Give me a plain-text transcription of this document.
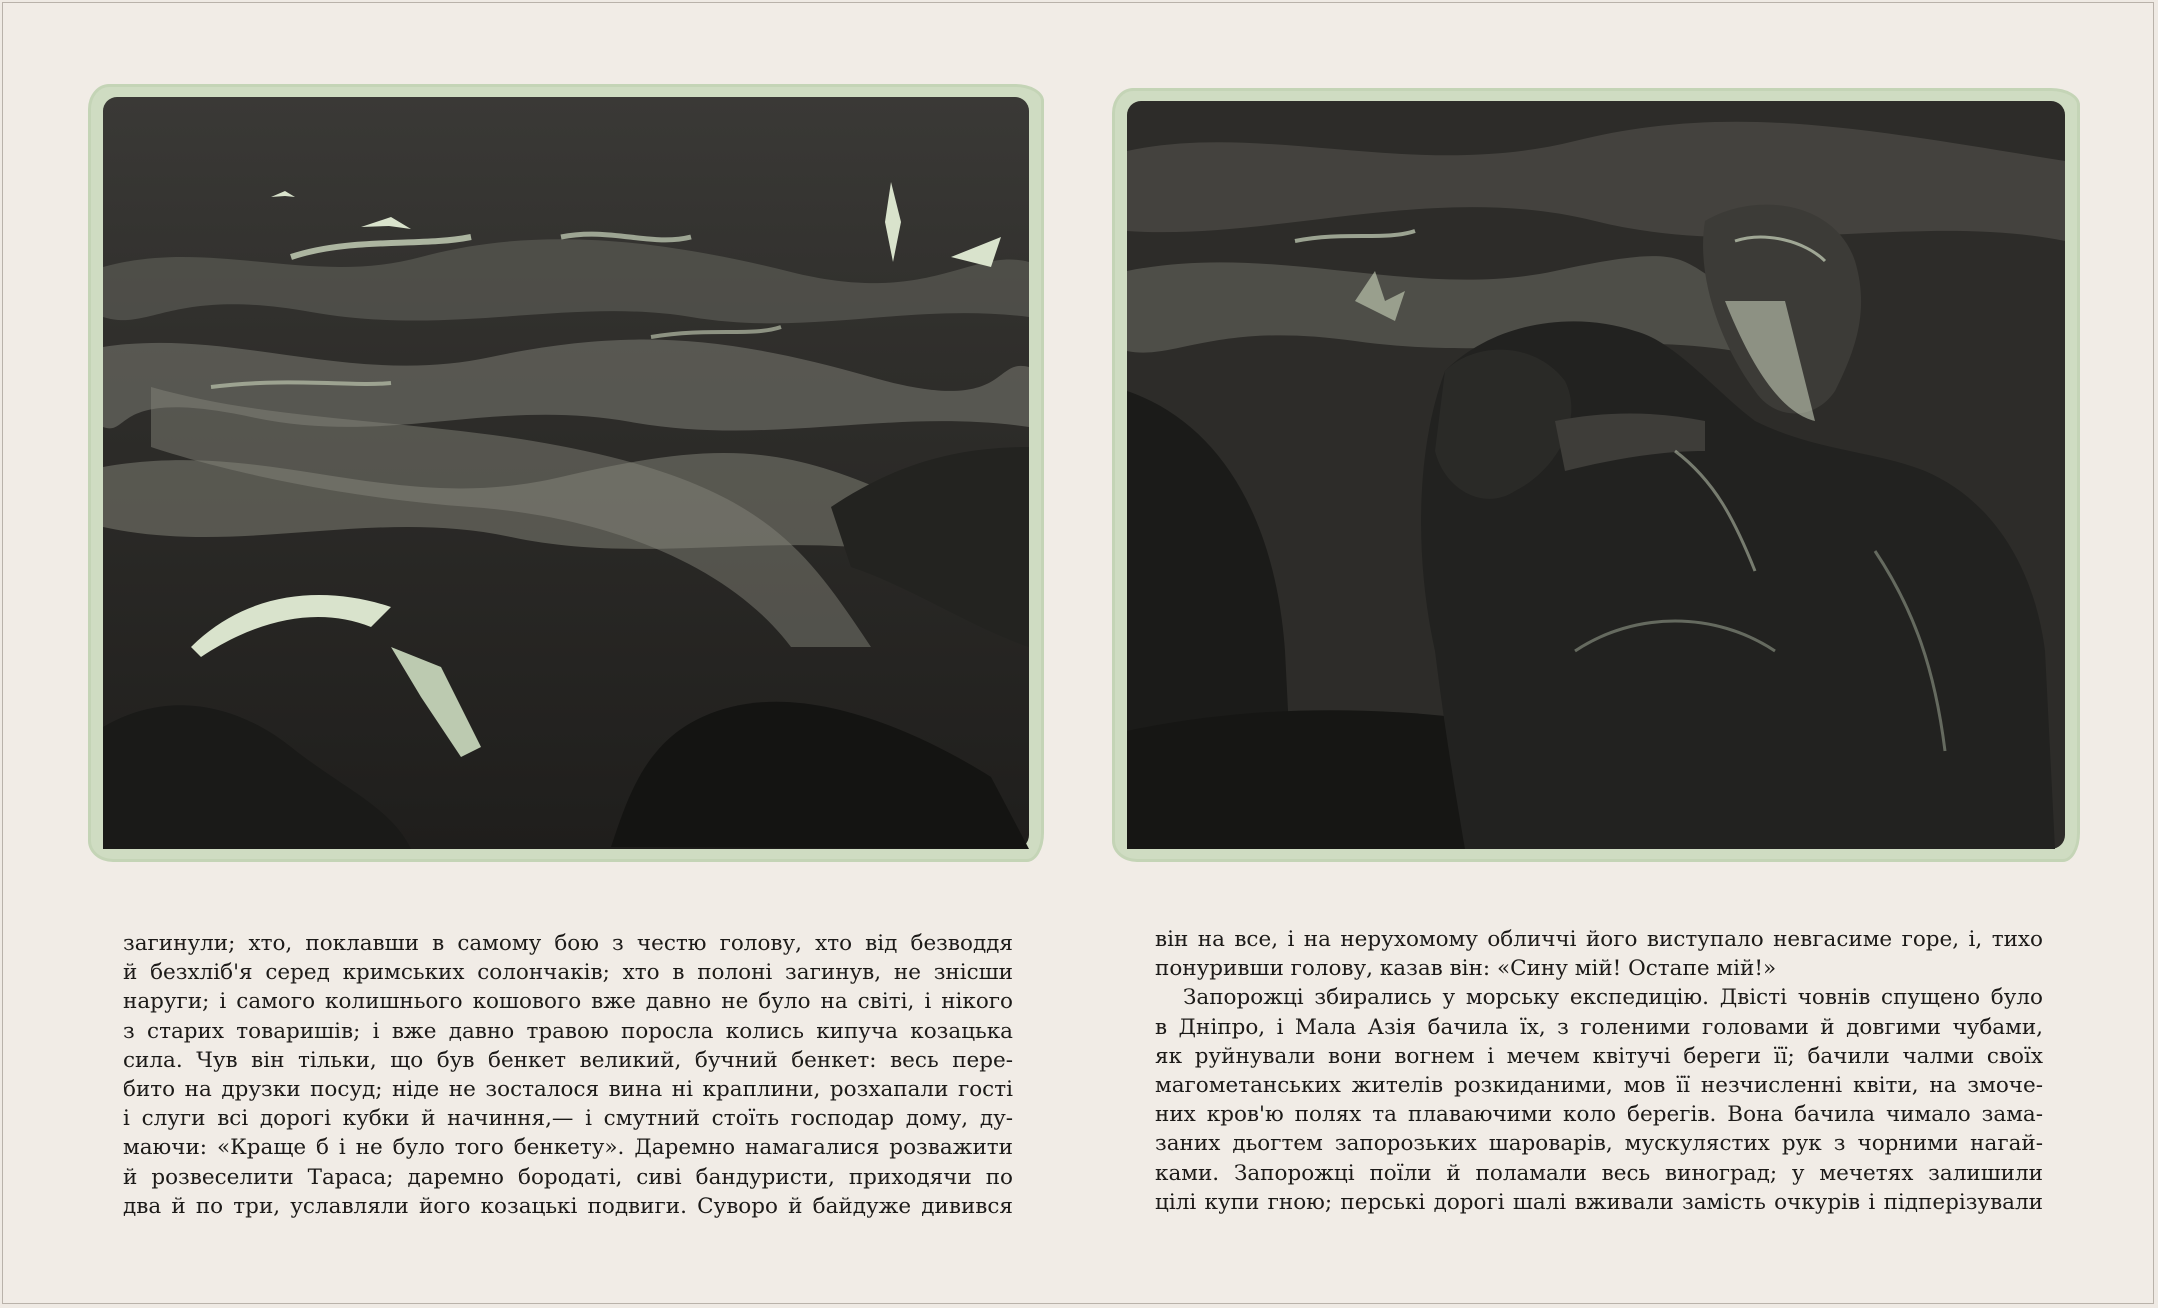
загинули; хто, поклавши в самому бою з честю голову, хто від безводдя
й безхліб'я серед кримських солончаків; хто в полоні загинув, не знісши
наруги; і самого колишнього кошового вже давно не було на світі, і нікого
з старих товаришів; і вже давно травою поросла колись кипуча козацька
сила. Чув він тільки, що був бенкет великий, бучний бенкет: весь пере-
бито на друзки посуд; ніде не зосталося вина ні краплини, розхапали гості
і слуги всі дорогі кубки й начиння,— і смутний стоїть господар дому, ду-
маючи: «Краще б і не було того бенкету». Даремно намагалися розважити
й розвеселити Тараса; даремно бородаті, сиві бандуристи, приходячи по
два й по три, уславляли його козацькі подвиги. Суворо й байдуже дивився
він на все, і на нерухомому обличчі його виступало невгасиме горе, і, тихо
понуривши голову, казав він: «Сину мій! Остапе мій!»
Запорожці збирались у морську експедицію. Двісті човнів спущено було
в Дніпро, і Мала Азія бачила їх, з голеними головами й довгими чубами,
як руйнували вони вогнем і мечем квітучі береги її; бачили чалми своїх
магометанських жителів розкиданими, мов її незчисленні квіти, на змоче-
них кров'ю полях та плаваючими коло берегів. Вона бачила чимало зама-
заних дьогтем запорозьких шароварів, мускулястих рук з чорними нагай-
ками. Запорожці поїли й поламали весь виноград; у мечетях залишили
цілі купи гною; перські дорогі шалі вживали замість очкурів і підперізували
